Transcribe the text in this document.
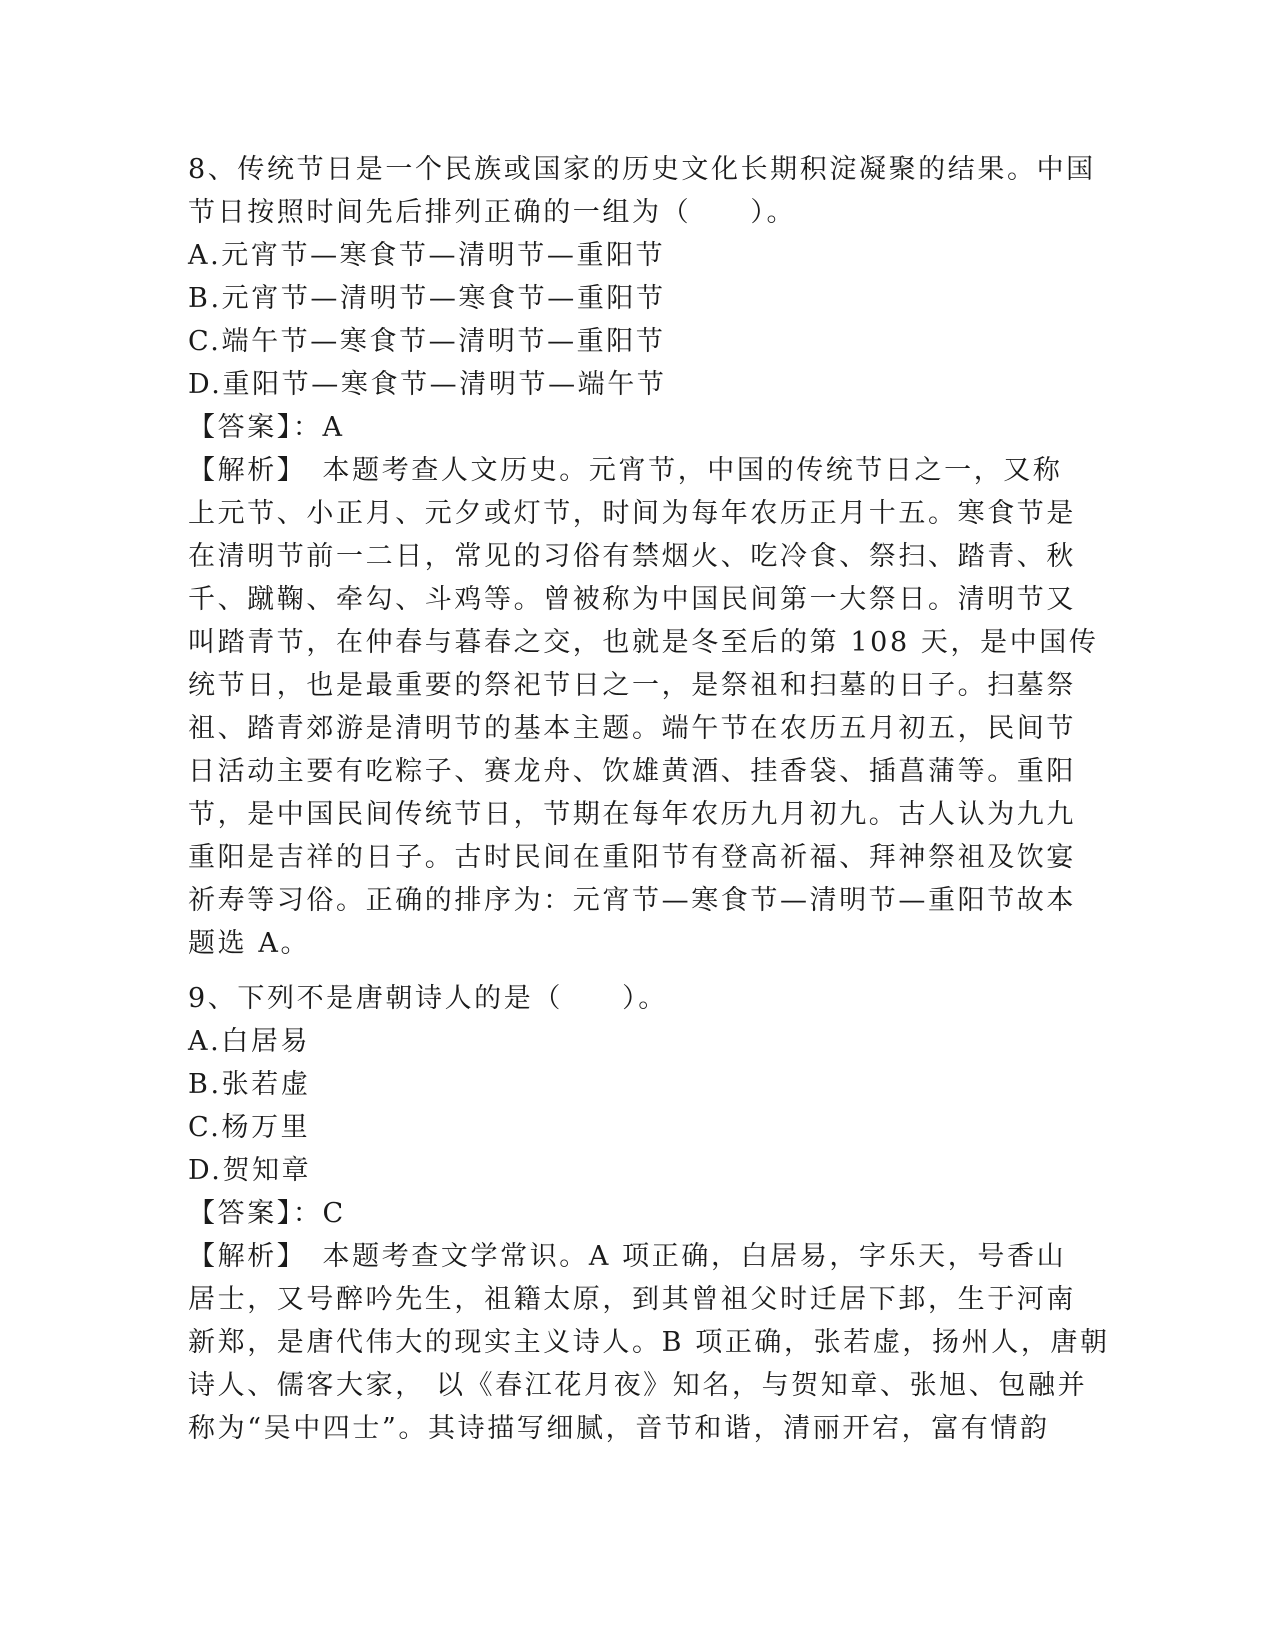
8、传统节日是一个民族或国家的历史文化长期积淀凝聚的结果。中国
节日按照时间先后排列正确的一组为（　　）。
A.元宵节—寒食节—清明节—重阳节
B.元宵节—清明节—寒食节—重阳节
C.端午节—寒食节—清明节—重阳节
D.重阳节—寒食节—清明节—端午节
【答案】：A
【解析】　本题考查人文历史。元宵节，中国的传统节日之一，又称
上元节、小正月、元夕或灯节，时间为每年农历正月十五。寒食节是
在清明节前一二日，常见的习俗有禁烟火、吃冷食、祭扫、踏青、秋
千、蹴鞠、牵勾、斗鸡等。曾被称为中国民间第一大祭日。清明节又
叫踏青节，在仲春与暮春之交，也就是冬至后的第 108 天，是中国传
统节日，也是最重要的祭祀节日之一，是祭祖和扫墓的日子。扫墓祭
祖、踏青郊游是清明节的基本主题。端午节在农历五月初五，民间节
日活动主要有吃粽子、赛龙舟、饮雄黄酒、挂香袋、插菖蒲等。重阳
节，是中国民间传统节日，节期在每年农历九月初九。古人认为九九
重阳是吉祥的日子。古时民间在重阳节有登高祈福、拜神祭祖及饮宴
祈寿等习俗。正确的排序为：元宵节—寒食节—清明节—重阳节故本
题选 A。
9、下列不是唐朝诗人的是（　　）。
A.白居易
B.张若虚
C.杨万里
D.贺知章
【答案】：C
【解析】　本题考查文学常识。A 项正确，白居易，字乐天，号香山
居士，又号醉吟先生，祖籍太原，到其曾祖父时迁居下邽，生于河南
新郑，是唐代伟大的现实主义诗人。B 项正确，张若虚，扬州人，唐朝
诗人、儒客大家， 以《春江花月夜》知名，与贺知章、张旭、包融并
称为“吴中四士”。其诗描写细腻，音节和谐，清丽开宕，富有情韵
